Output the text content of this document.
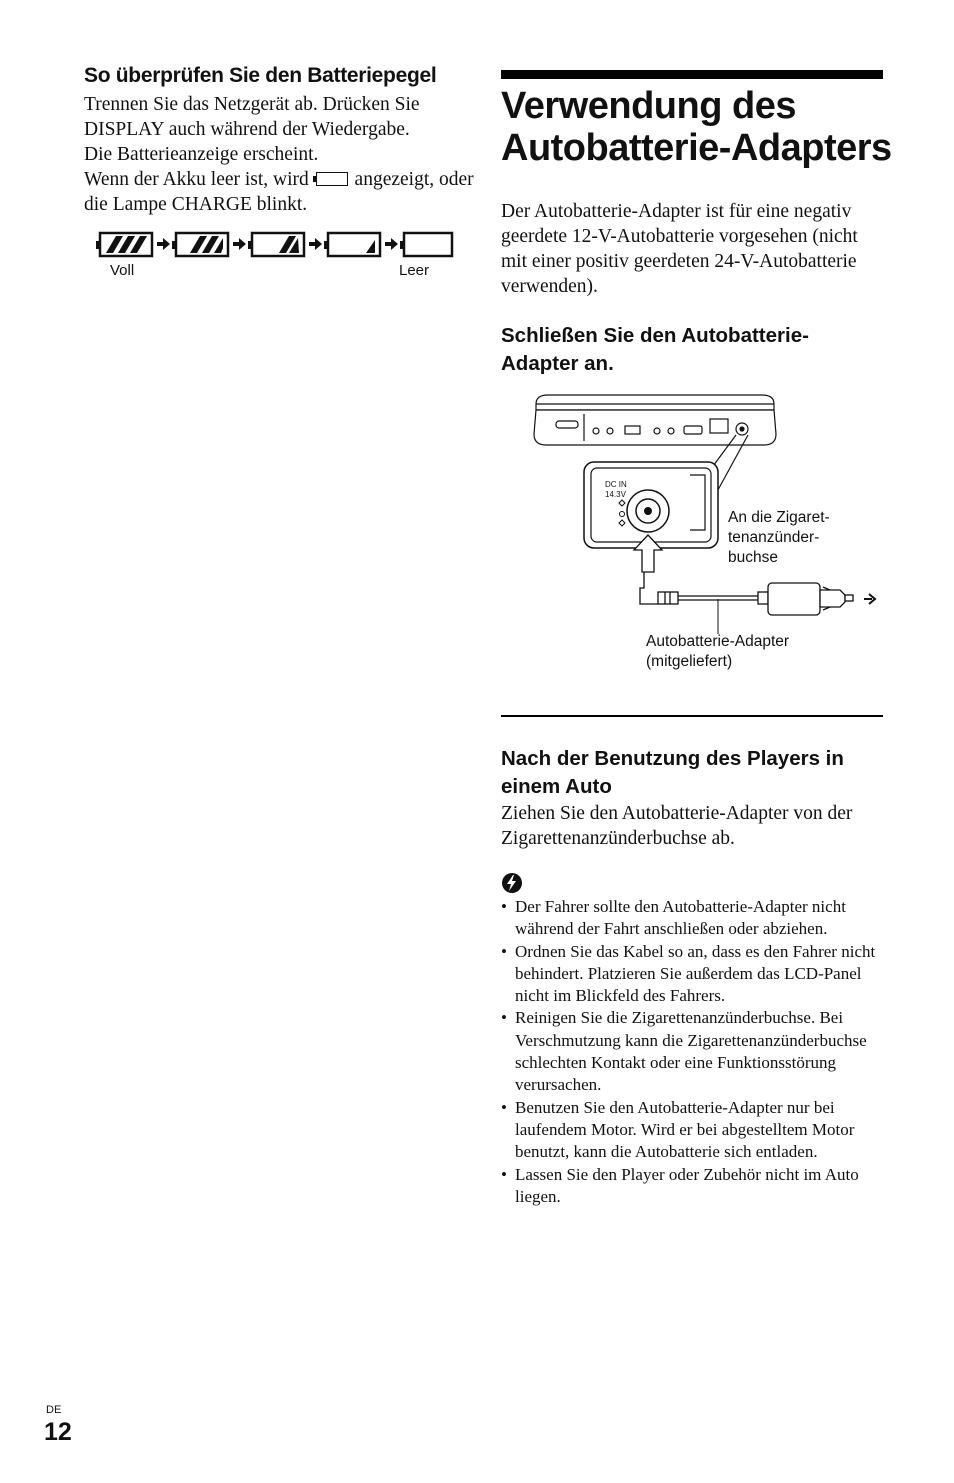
So überprüfen Sie den Batteriepegel

Trennen Sie das Netzgerät ab. Drücken Sie DISPLAY auch während der Wiedergabe.

Die Batterieanzeige erscheint.

Wenn der Akku leer ist, wird angezeigt, oder die Lampe CHARGE blinkt.

Voll	Leer
Verwendung des
Autobatterie-Adapters

Der Autobatterie-Adapter ist für eine negativ geerdete 12-V-Autobatterie vorgesehen (nicht mit einer positiv geerdeten 24-V-Autobatterie verwenden).

Schließen Sie den Autobatterie-Adapter an.
DC IN
14.3V
An die Zigaret-
tenanzünder-
buchse
Autobatterie-Adapter
(mitgeliefert)
Nach der Benutzung des Players in einem Auto

Ziehen Sie den Autobatterie-Adapter von der Zigarettenanzünderbuchse ab.

• Der Fahrer sollte den Autobatterie-Adapter nicht während der Fahrt anschließen oder abziehen.
• Ordnen Sie das Kabel so an, dass es den Fahrer nicht behindert. Platzieren Sie außerdem das LCD-Panel nicht im Blickfeld des Fahrers.
• Reinigen Sie die Zigarettenanzünderbuchse. Bei Verschmutzung kann die Zigarettenanzünderbuchse schlechten Kontakt oder eine Funktionsstörung verursachen.
• Benutzen Sie den Autobatterie-Adapter nur bei laufendem Motor. Wird er bei abgestelltem Motor benutzt, kann die Autobatterie sich entladen.
• Lassen Sie den Player oder Zubehör nicht im Auto liegen.
DE
12
